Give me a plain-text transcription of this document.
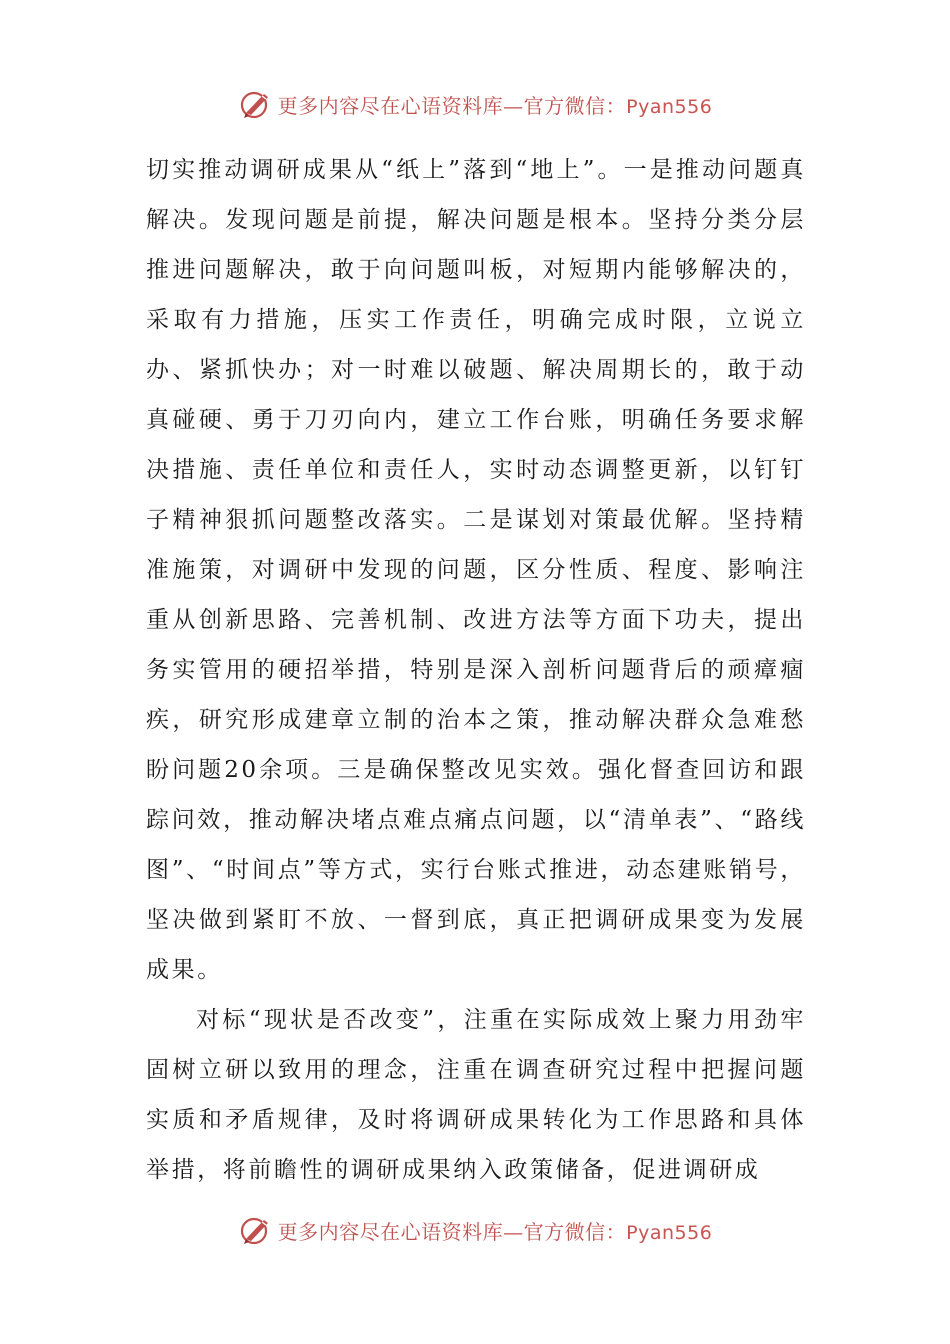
更多内容尽在心语资料库—官方微信：Pyan556

切实推动调研成果从“纸上”落到“地上”。一是推动问题真解决。发现问题是前提，解决问题是根本。坚持分类分层推进问题解决，敢于向问题叫板，对短期内能够解决的，采取有力措施，压实工作责任，明确完成时限，立说立办、紧抓快办；对一时难以破题、解决周期长的，敢于动真碰硬、勇于刀刃向内，建立工作台账，明确任务要求解决措施、责任单位和责任人，实时动态调整更新，以钉钉子精神狠抓问题整改落实。二是谋划对策最优解。坚持精准施策，对调研中发现的问题，区分性质、程度、影响注重从创新思路、完善机制、改进方法等方面下功夫，提出务实管用的硬招举措，特别是深入剖析问题背后的顽瘴痼疾，研究形成建章立制的治本之策，推动解决群众急难愁盼问题20余项。三是确保整改见实效。强化督查回访和跟踪问效，推动解决堵点难点痛点问题，以“清单表”、“路线图”、“时间点”等方式，实行台账式推进，动态建账销号，坚决做到紧盯不放、一督到底，真正把调研成果变为发展成果。

对标“现状是否改变”，注重在实际成效上聚力用劲牢固树立研以致用的理念，注重在调查研究过程中把握问题实质和矛盾规律，及时将调研成果转化为工作思路和具体举措，将前瞻性的调研成果纳入政策储备，促进调研成

更多内容尽在心语资料库—官方微信：Pyan556
